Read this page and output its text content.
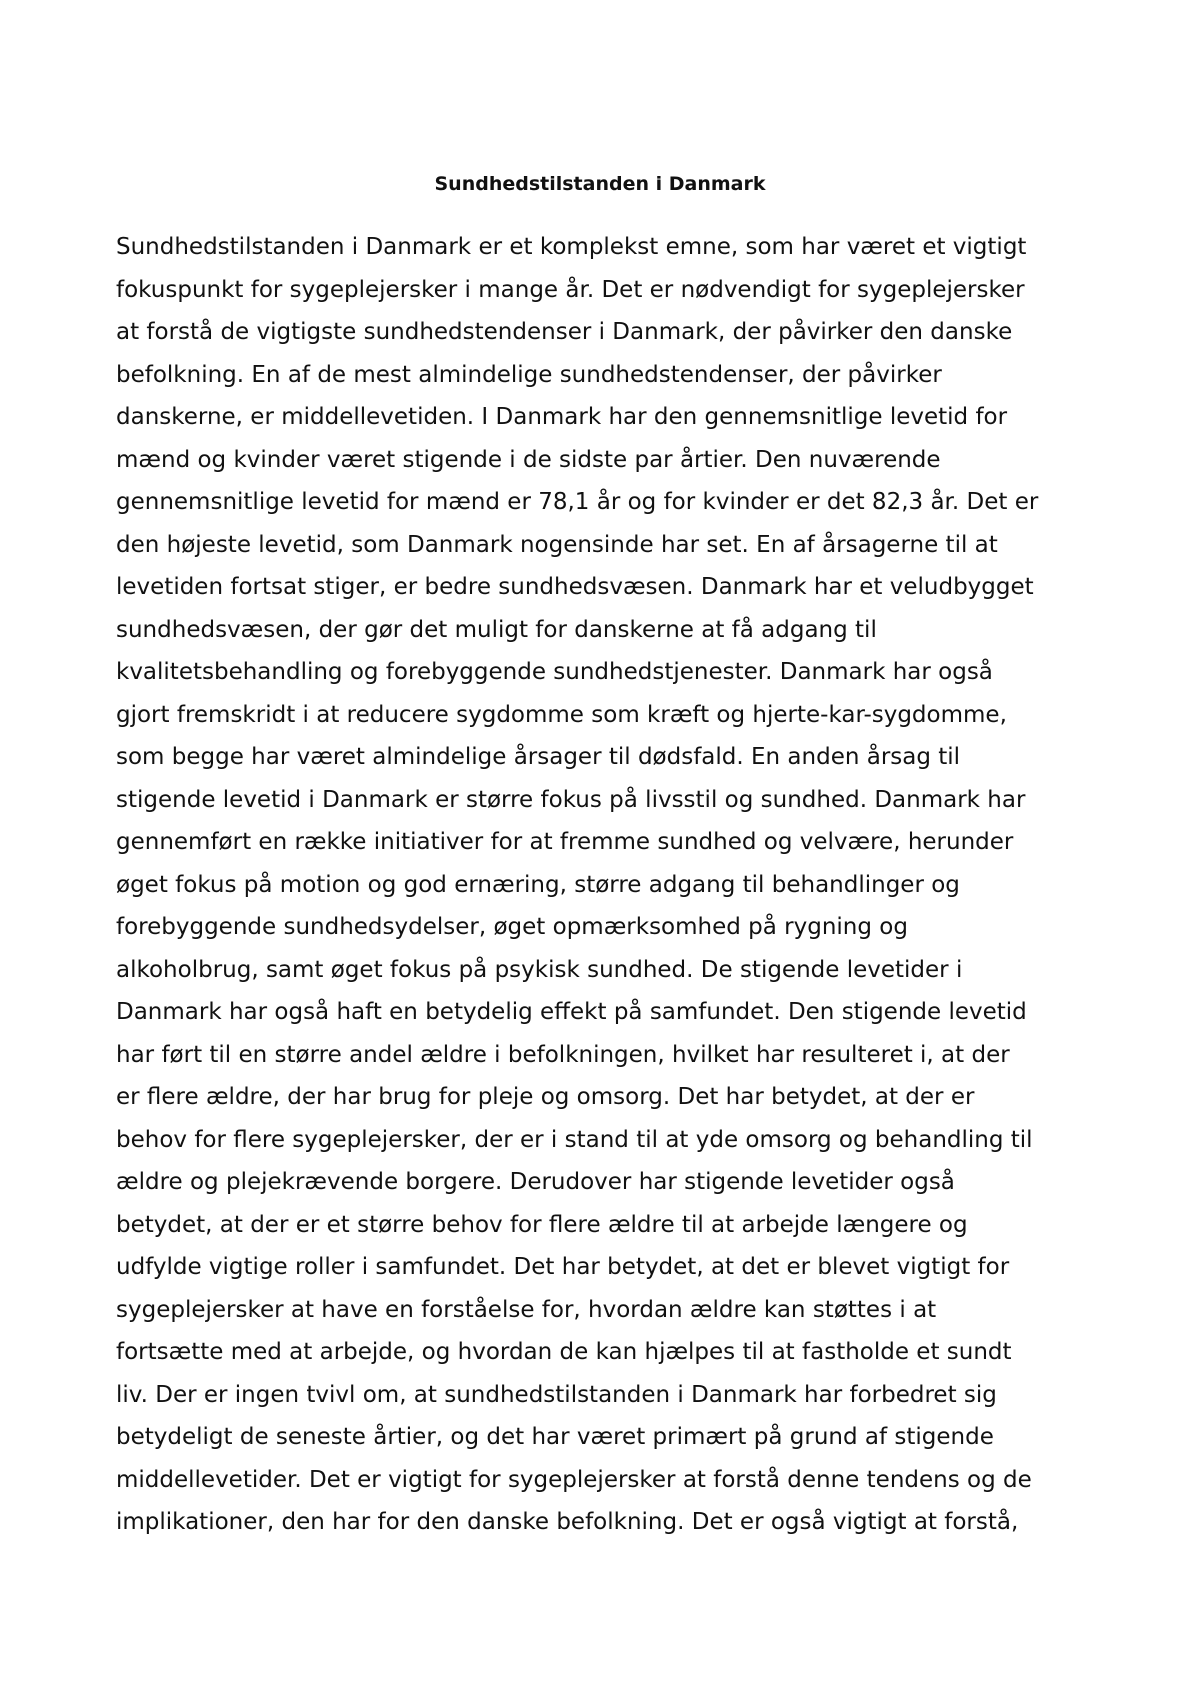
Sundhedstilstanden i Danmark
Sundhedstilstanden i Danmark er et komplekst emne, som har været et vigtigt
fokuspunkt for sygeplejersker i mange år. Det er nødvendigt for sygeplejersker
at forstå de vigtigste sundhedstendenser i Danmark, der påvirker den danske
befolkning. En af de mest almindelige sundhedstendenser, der påvirker
danskerne, er middellevetiden. I Danmark har den gennemsnitlige levetid for
mænd og kvinder været stigende i de sidste par årtier. Den nuværende
gennemsnitlige levetid for mænd er 78,1 år og for kvinder er det 82,3 år. Det er
den højeste levetid, som Danmark nogensinde har set. En af årsagerne til at
levetiden fortsat stiger, er bedre sundhedsvæsen. Danmark har et veludbygget
sundhedsvæsen, der gør det muligt for danskerne at få adgang til
kvalitetsbehandling og forebyggende sundhedstjenester. Danmark har også
gjort fremskridt i at reducere sygdomme som kræft og hjerte-kar-sygdomme,
som begge har været almindelige årsager til dødsfald. En anden årsag til
stigende levetid i Danmark er større fokus på livsstil og sundhed. Danmark har
gennemført en række initiativer for at fremme sundhed og velvære, herunder
øget fokus på motion og god ernæring, større adgang til behandlinger og
forebyggende sundhedsydelser, øget opmærksomhed på rygning og
alkoholbrug, samt øget fokus på psykisk sundhed. De stigende levetider i
Danmark har også haft en betydelig effekt på samfundet. Den stigende levetid
har ført til en større andel ældre i befolkningen, hvilket har resulteret i, at der
er flere ældre, der har brug for pleje og omsorg. Det har betydet, at der er
behov for flere sygeplejersker, der er i stand til at yde omsorg og behandling til
ældre og plejekrævende borgere. Derudover har stigende levetider også
betydet, at der er et større behov for flere ældre til at arbejde længere og
udfylde vigtige roller i samfundet. Det har betydet, at det er blevet vigtigt for
sygeplejersker at have en forståelse for, hvordan ældre kan støttes i at
fortsætte med at arbejde, og hvordan de kan hjælpes til at fastholde et sundt
liv. Der er ingen tvivl om, at sundhedstilstanden i Danmark har forbedret sig
betydeligt de seneste årtier, og det har været primært på grund af stigende
middellevetider. Det er vigtigt for sygeplejersker at forstå denne tendens og de
implikationer, den har for den danske befolkning. Det er også vigtigt at forstå,
